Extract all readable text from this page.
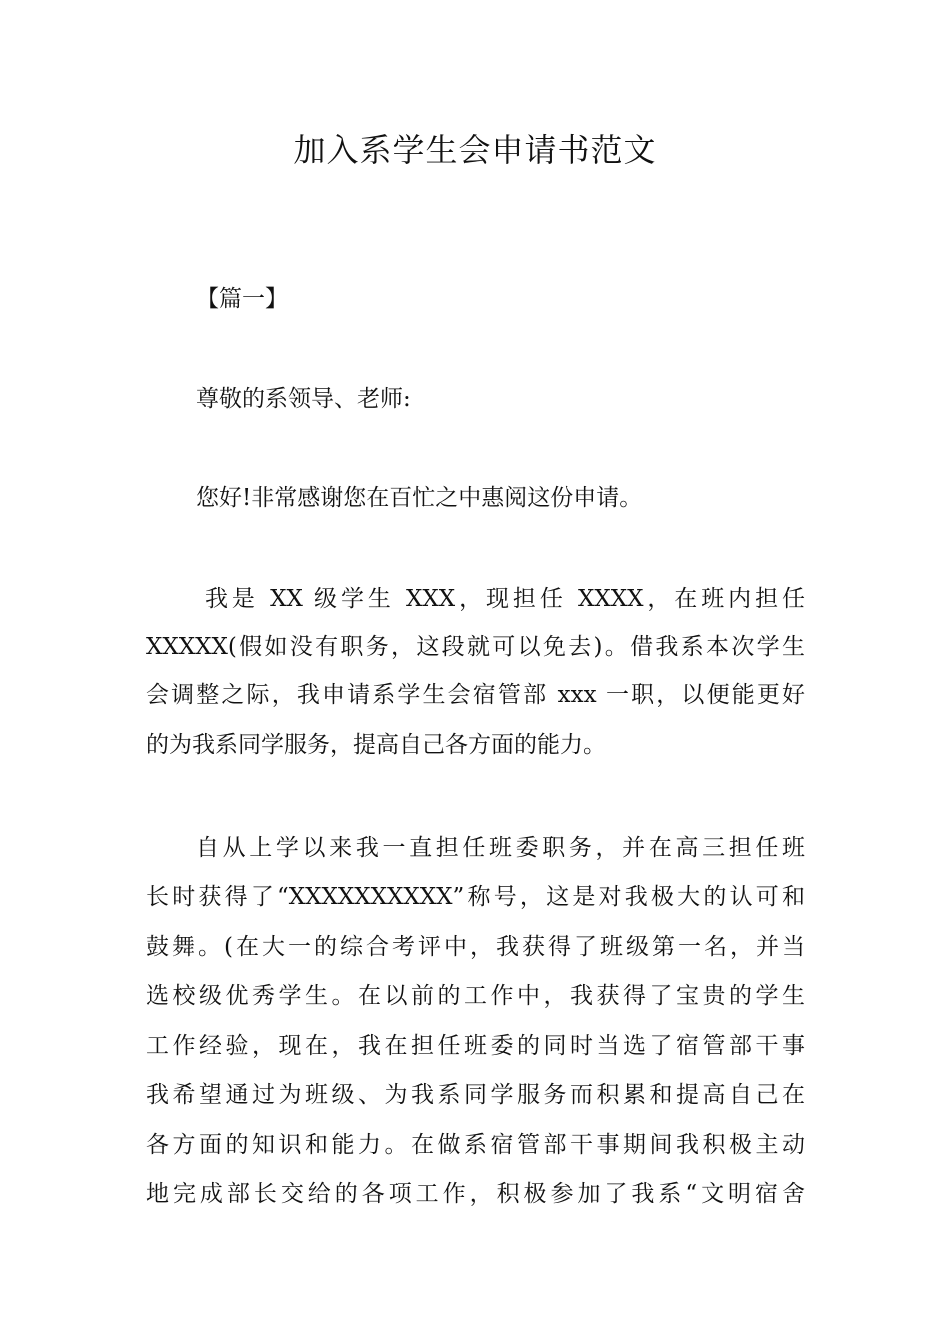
加入系学生会申请书范文

【篇一】

尊敬的系领导、老师:

您好!非常感谢您在百忙之中惠阅这份申请。

我是 XX 级学生 XXX，现担任 XXXX，在班内担任

XXXXX(假如没有职务，这段就可以免去)。借我系本次学生

会调整之际，我申请系学生会宿管部 xxx 一职，以便能更好

的为我系同学服务，提高自己各方面的能力。

自从上学以来我一直担任班委职务，并在高三担任班

长时获得了“XXXXXXXXXX”称号，这是对我极大的认可和

鼓舞。(在大一的综合考评中，我获得了班级第一名，并当

选校级优秀学生。在以前的工作中，我获得了宝贵的学生

工作经验，现在，我在担任班委的同时当选了宿管部干事

我希望通过为班级、为我系同学服务而积累和提高自己在

各方面的知识和能力。在做系宿管部干事期间我积极主动

地完成部长交给的各项工作，积极参加了我系“文明宿舍
